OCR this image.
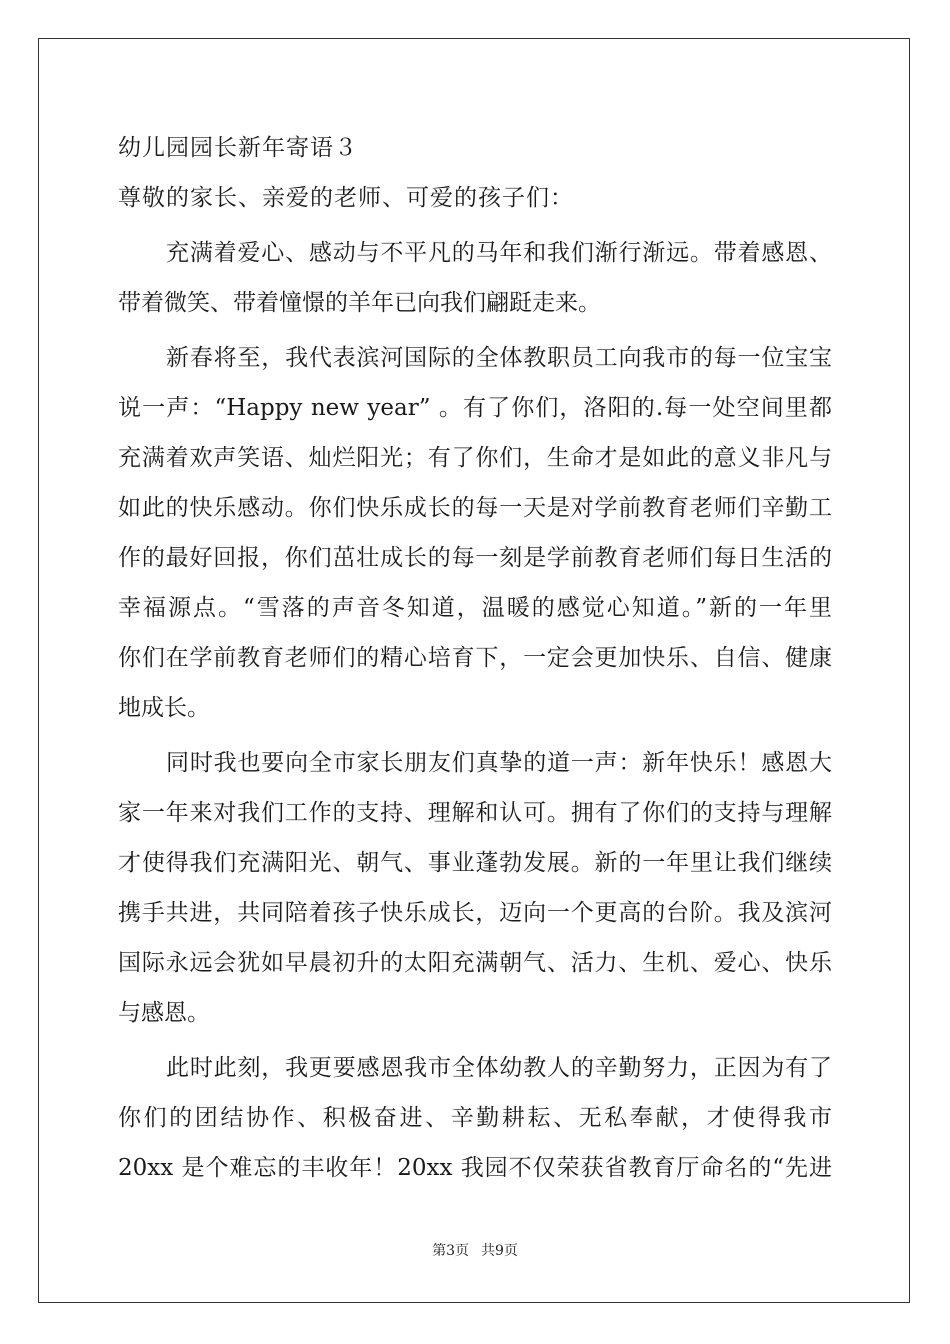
幼儿园园长新年寄语３
尊敬的家长、亲爱的老师、可爱的孩子们：
充满着爱心、感动与不平凡的马年和我们渐行渐远。带着感恩、
带着微笑、带着憧憬的羊年已向我们翩跹走来。
新春将至，我代表滨河国际的全体教职员工向我市的每一位宝宝
说一声：“Happy new year” 。有了你们，洛阳的.每一处空间里都
充满着欢声笑语、灿烂阳光；有了你们，生命才是如此的意义非凡与
如此的快乐感动。你们快乐成长的每一天是对学前教育老师们辛勤工
作的最好回报，你们茁壮成长的每一刻是学前教育老师们每日生活的
幸福源点。“雪落的声音冬知道，温暖的感觉心知道。”新的一年里
你们在学前教育老师们的精心培育下，一定会更加快乐、自信、健康
地成长。
同时我也要向全市家长朋友们真挚的道一声：新年快乐！感恩大
家一年来对我们工作的支持、理解和认可。拥有了你们的支持与理解
才使得我们充满阳光、朝气、事业蓬勃发展。新的一年里让我们继续
携手共进，共同陪着孩子快乐成长，迈向一个更高的台阶。我及滨河
国际永远会犹如早晨初升的太阳充满朝气、活力、生机、爱心、快乐
与感恩。
此时此刻，我更要感恩我市全体幼教人的辛勤努力，正因为有了
你们的团结协作、积极奋进、辛勤耕耘、无私奉献，才使得我市
20xx 是个难忘的丰收年！20xx 我园不仅荣获省教育厅命名的“先进
第3页 共9页
